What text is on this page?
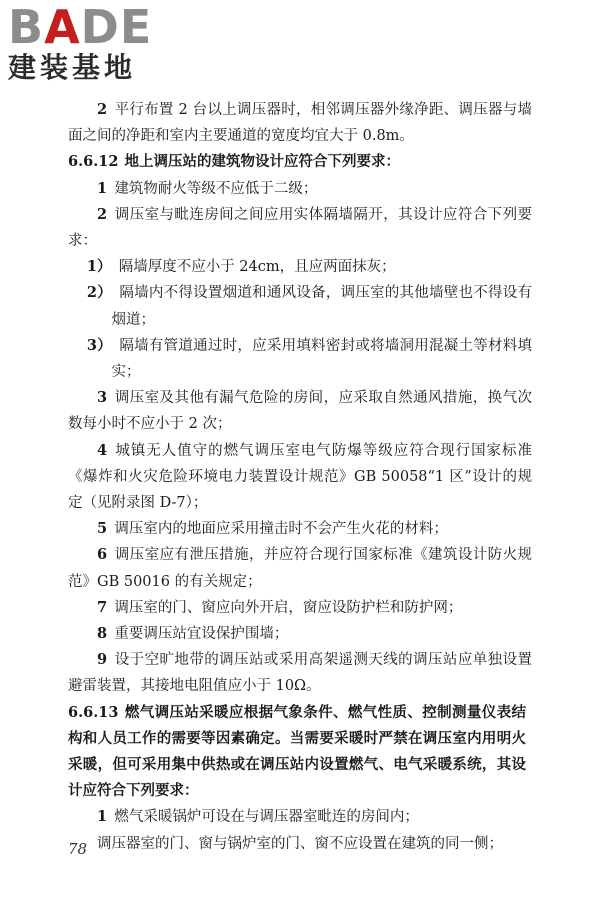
BADE
建装基地

2  平行布置 2 台以上调压器时，相邻调压器外缘净距、调压器与墙面之间的净距和室内主要通道的宽度均宜大于 0.8m。

6.6.12 地上调压站的建筑物设计应符合下列要求：

1  建筑物耐火等级不应低于二级；

2  调压室与毗连房间之间应用实体隔墙隔开，其设计应符合下列要求：

1）  隔墙厚度不应小于 24cm，且应两面抹灰；

2）  隔墙内不得设置烟道和通风设备，调压室的其他墙壁也不得设有烟道；

3）  隔墙有管道通过时，应采用填料密封或将墙洞用混凝土等材料填实；

3  调压室及其他有漏气危险的房间，应采取自然通风措施，换气次数每小时不应小于 2 次；

4  城镇无人值守的燃气调压室电气防爆等级应符合现行国家标准《爆炸和火灾危险环境电力装置设计规范》GB 50058“1 区”设计的规定（见附录图 D-7）；

5  调压室内的地面应采用撞击时不会产生火花的材料；

6  调压室应有泄压措施，并应符合现行国家标准《建筑设计防火规范》GB 50016 的有关规定；

7  调压室的门、窗应向外开启，窗应设防护栏和防护网；

8  重要调压站宜设保护围墙；

9  设于空旷地带的调压站或采用高架遥测天线的调压站应单独设置避雷装置，其接地电阻值应小于 10Ω。

6.6.13 燃气调压站采暖应根据气象条件、燃气性质、控制测量仪表结构和人员工作的需要等因素确定。当需要采暖时严禁在调压室内用明火采暖，但可采用集中供热或在调压站内设置燃气、电气采暖系统，其设计应符合下列要求：

1  燃气采暖锅炉可设在与调压器室毗连的房间内；

调压器室的门、窗与锅炉室的门、窗不应设置在建筑的同一侧；

78
